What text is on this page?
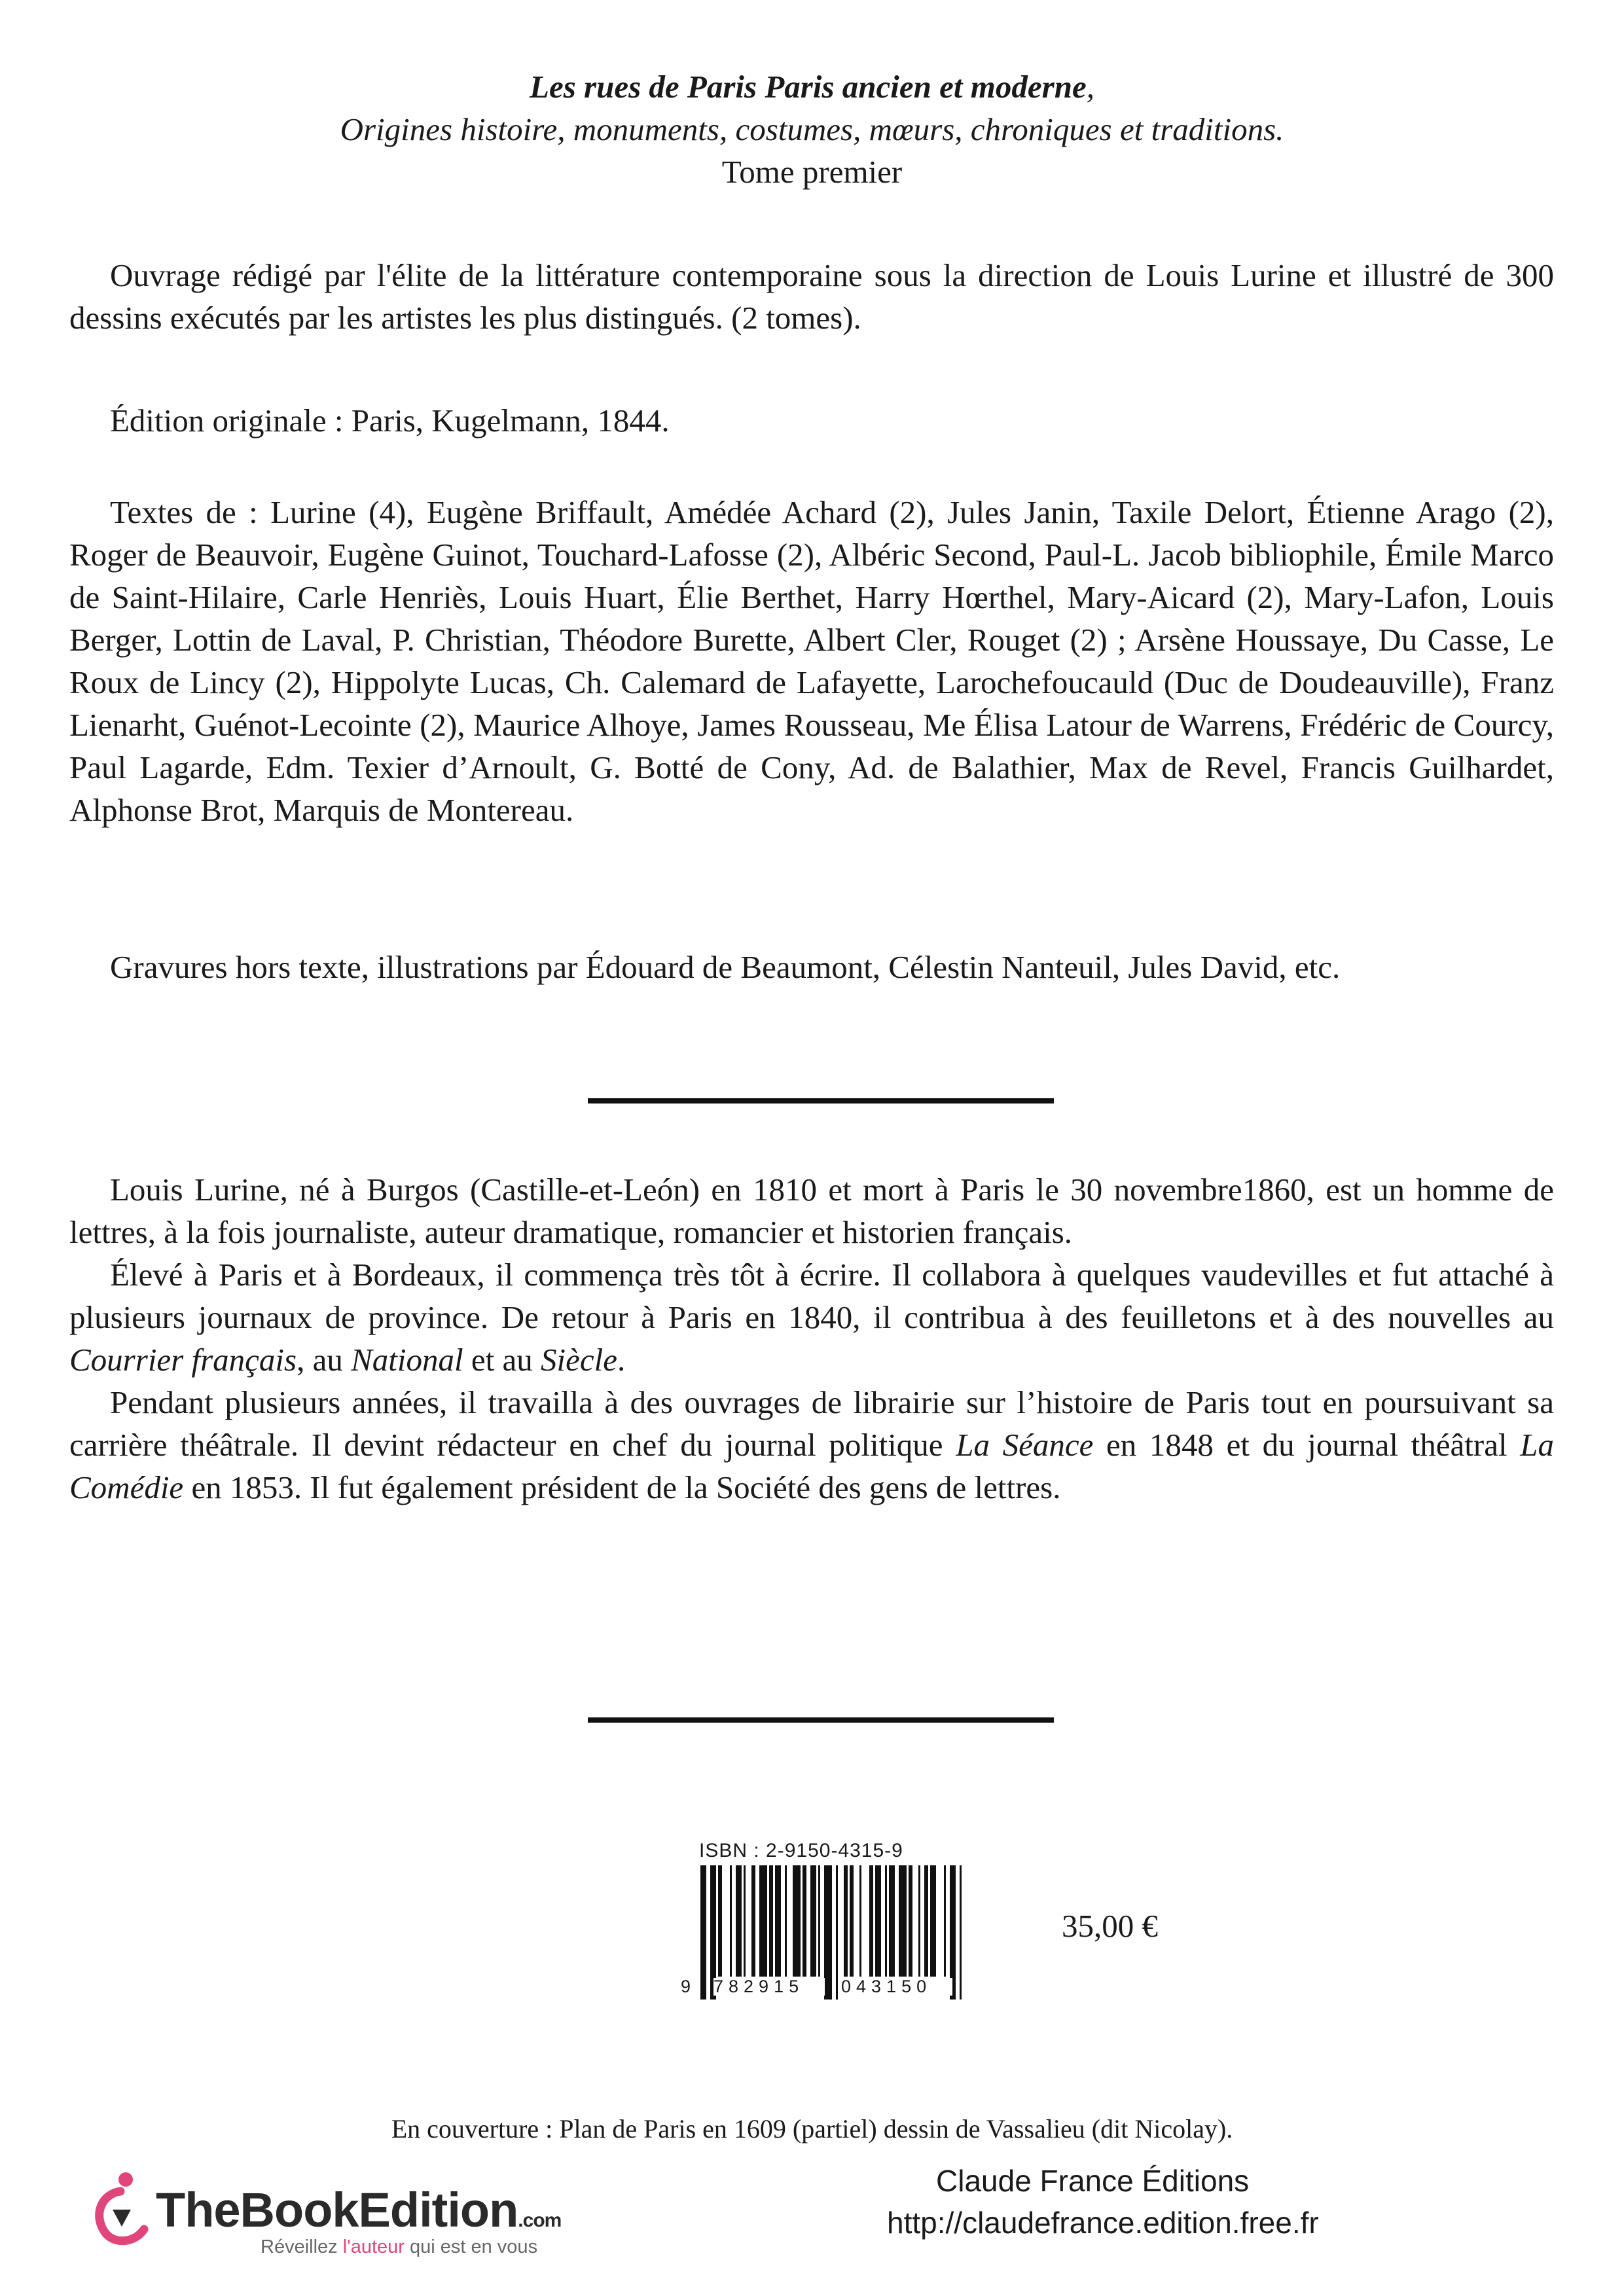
Les rues de Paris Paris ancien et moderne,
Origines histoire, monuments, costumes, mœurs, chroniques et traditions.
Tome premier

Ouvrage rédigé par l'élite de la littérature contemporaine sous la direction de Louis Lurine et illustré de 300 dessins exécutés par les artistes les plus distingués. (2 tomes).

Édition originale : Paris, Kugelmann, 1844.

Textes de : Lurine (4), Eugène Briffault, Amédée Achard (2), Jules Janin, Taxile Delort, Étienne Arago (2), Roger de Beauvoir, Eugène Guinot, Touchard-Lafosse (2), Albéric Second, Paul-L. Jacob bibliophile, Émile Marco de Saint-Hilaire, Carle Henriès, Louis Huart, Élie Berthet, Harry Hœrthel, Mary-Aicard (2), Mary-Lafon, Louis Berger, Lottin de Laval, P. Christian, Théodore Burette, Albert Cler, Rouget (2) ; Arsène Houssaye, Du Casse, Le Roux de Lincy (2), Hippolyte Lucas, Ch. Calemard de Lafayette, Larochefoucauld (Duc de Doudeauville), Franz Lienarht, Guénot-Lecointe (2), Maurice Alhoye, James Rousseau, Me Élisa Latour de Warrens, Frédéric de Courcy, Paul Lagarde, Edm. Texier d’Arnoult, G. Botté de Cony, Ad. de Balathier, Max de Revel, Francis Guilhardet, Alphonse Brot, Marquis de Montereau.

Gravures hors texte, illustrations par Édouard de Beaumont, Célestin Nanteuil, Jules David, etc.

Louis Lurine, né à Burgos (Castille-et-León) en 1810 et mort à Paris le 30 novembre1860, est un homme de lettres, à la fois journaliste, auteur dramatique, romancier et historien français.

Élevé à Paris et à Bordeaux, il commença très tôt à écrire. Il collabora à quelques vaudevilles et fut attaché à plusieurs journaux de province. De retour à Paris en 1840, il contribua à des feuilletons et à des nouvelles au Courrier français, au National et au Siècle.

Pendant plusieurs années, il travailla à des ouvrages de librairie sur l’histoire de Paris tout en poursuivant sa carrière théâtrale. Il devint rédacteur en chef du journal politique La Séance en 1848 et du journal théâtral La Comédie en 1853. Il fut également président de la Société des gens de lettres.

ISBN : 2-9150-4315-9
9 782915	043150
35,00 €
En couverture : Plan de Paris en 1609 (partiel) dessin de Vassalieu (dit Nicolay).
TheBookEdition.com
Réveillez l'auteur qui est en vous
Claude France Éditions
http://claudefrance.edition.free.fr
